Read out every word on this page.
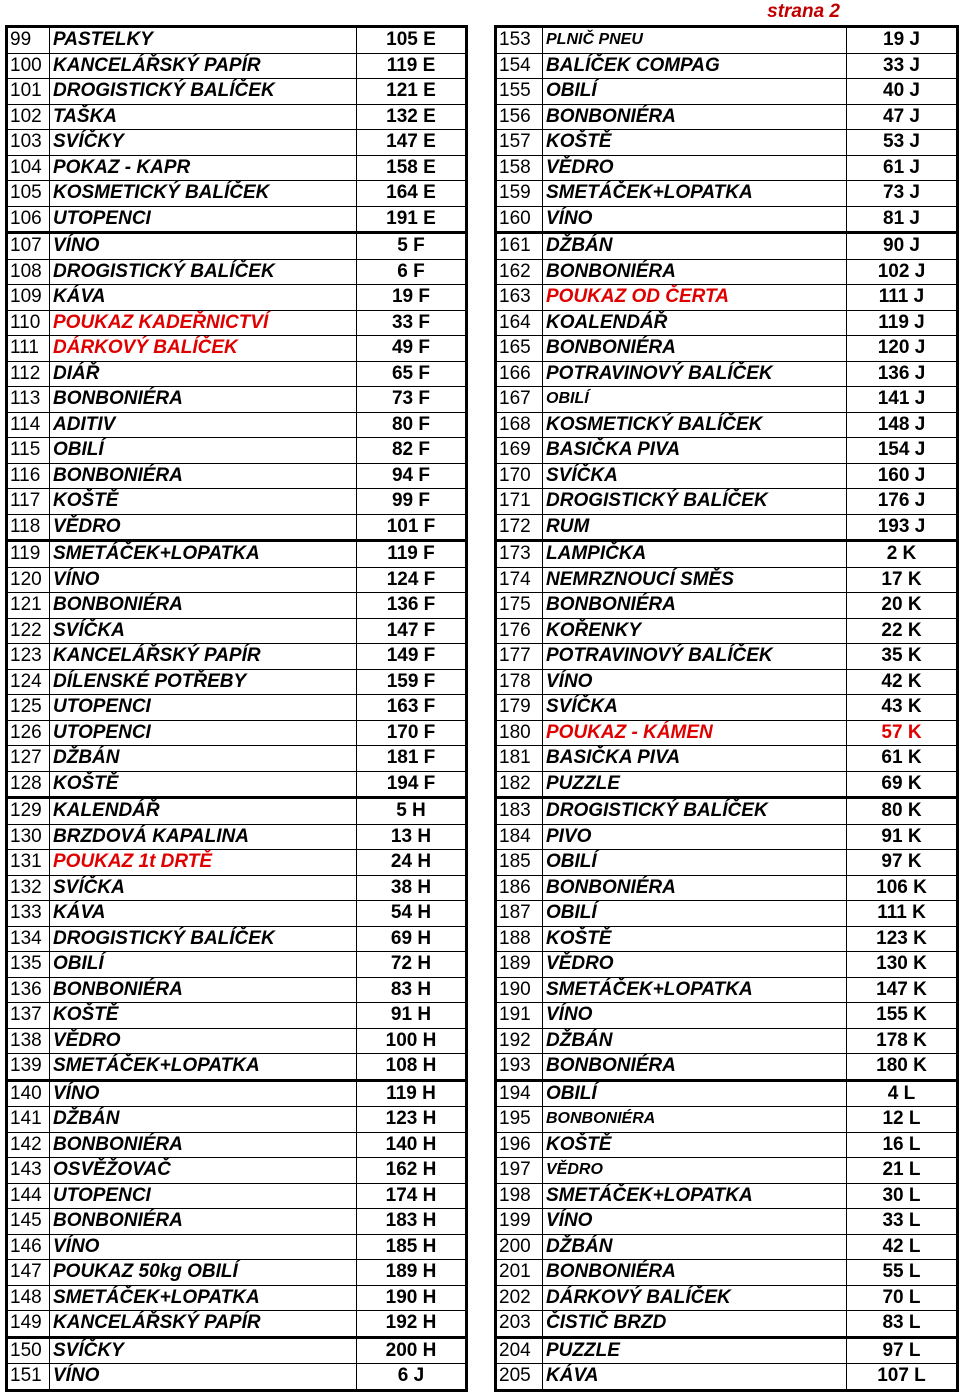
strana 2
99	PASTELKY	105 E
100	KANCELÁŘSKÝ PAPÍR	119 E
101	DROGISTICKÝ BALÍČEK	121 E
102	TAŠKA	132 E
103	SVÍČKY	147 E
104	POKAZ - KAPR	158 E
105	KOSMETICKÝ BALÍČEK	164 E
106	UTOPENCI	191 E
107	VÍNO	5 F
108	DROGISTICKÝ BALÍČEK	6 F
109	KÁVA	19 F
110	POUKAZ KADEŘNICTVÍ	33 F
111	DÁRKOVÝ BALÍČEK	49 F
112	DIÁŘ	65 F
113	BONBONIÉRA	73 F
114	ADITIV	80 F
115	OBILÍ	82 F
116	BONBONIÉRA	94 F
117	KOŠTĚ	99 F
118	VĚDRO	101 F
119	SMETÁČEK+LOPATKA	119 F
120	VÍNO	124 F
121	BONBONIÉRA	136 F
122	SVÍČKA	147 F
123	KANCELÁŘSKÝ PAPÍR	149 F
124	DÍLENSKÉ POTŘEBY	159 F
125	UTOPENCI	163 F
126	UTOPENCI	170 F
127	DŽBÁN	181 F
128	KOŠTĚ	194 F
129	KALENDÁŘ	5 H
130	BRZDOVÁ KAPALINA	13 H
131	POUKAZ 1t DRTĚ	24 H
132	SVÍČKA	38 H
133	KÁVA	54 H
134	DROGISTICKÝ BALÍČEK	69 H
135	OBILÍ	72 H
136	BONBONIÉRA	83 H
137	KOŠTĚ	91 H
138	VĚDRO	100 H
139	SMETÁČEK+LOPATKA	108 H
140	VÍNO	119 H
141	DŽBÁN	123 H
142	BONBONIÉRA	140 H
143	OSVĚŽOVAČ	162 H
144	UTOPENCI	174 H
145	BONBONIÉRA	183 H
146	VÍNO	185 H
147	POUKAZ 50kg OBILÍ	189 H
148	SMETÁČEK+LOPATKA	190 H
149	KANCELÁŘSKÝ PAPÍR	192 H
150	SVÍČKY	200 H
151	VÍNO	6 J
153	PLNIČ PNEU	19 J
154	BALÍČEK COMPAG	33 J
155	OBILÍ	40 J
156	BONBONIÉRA	47 J
157	KOŠTĚ	53 J
158	VĚDRO	61 J
159	SMETÁČEK+LOPATKA	73 J
160	VÍNO	81 J
161	DŽBÁN	90 J
162	BONBONIÉRA	102 J
163	POUKAZ OD ČERTA	111 J
164	KOALENDÁŘ	119 J
165	BONBONIÉRA	120 J
166	POTRAVINOVÝ BALÍČEK	136 J
167	OBILÍ	141 J
168	KOSMETICKÝ BALÍČEK	148 J
169	BASIČKA PIVA	154 J
170	SVÍČKA	160 J
171	DROGISTICKÝ BALÍČEK	176 J
172	RUM	193 J
173	LAMPIČKA	2 K
174	NEMRZNOUCÍ SMĚS	17 K
175	BONBONIÉRA	20 K
176	KOŘENKY	22 K
177	POTRAVINOVÝ BALÍČEK	35 K
178	VÍNO	42 K
179	SVÍČKA	43 K
180	POUKAZ - KÁMEN	57 K
181	BASIČKA PIVA	61 K
182	PUZZLE	69 K
183	DROGISTICKÝ BALÍČEK	80 K
184	PIVO	91 K
185	OBILÍ	97 K
186	BONBONIÉRA	106 K
187	OBILÍ	111 K
188	KOŠTĚ	123 K
189	VĚDRO	130 K
190	SMETÁČEK+LOPATKA	147 K
191	VÍNO	155 K
192	DŽBÁN	178 K
193	BONBONIÉRA	180 K
194	OBILÍ	4 L
195	BONBONIÉRA	12 L
196	KOŠTĚ	16 L
197	VĚDRO	21 L
198	SMETÁČEK+LOPATKA	30 L
199	VÍNO	33 L
200	DŽBÁN	42 L
201	BONBONIÉRA	55 L
202	DÁRKOVÝ BALÍČEK	70 L
203	ČISTIČ BRZD	83 L
204	PUZZLE	97 L
205	KÁVA	107 L
